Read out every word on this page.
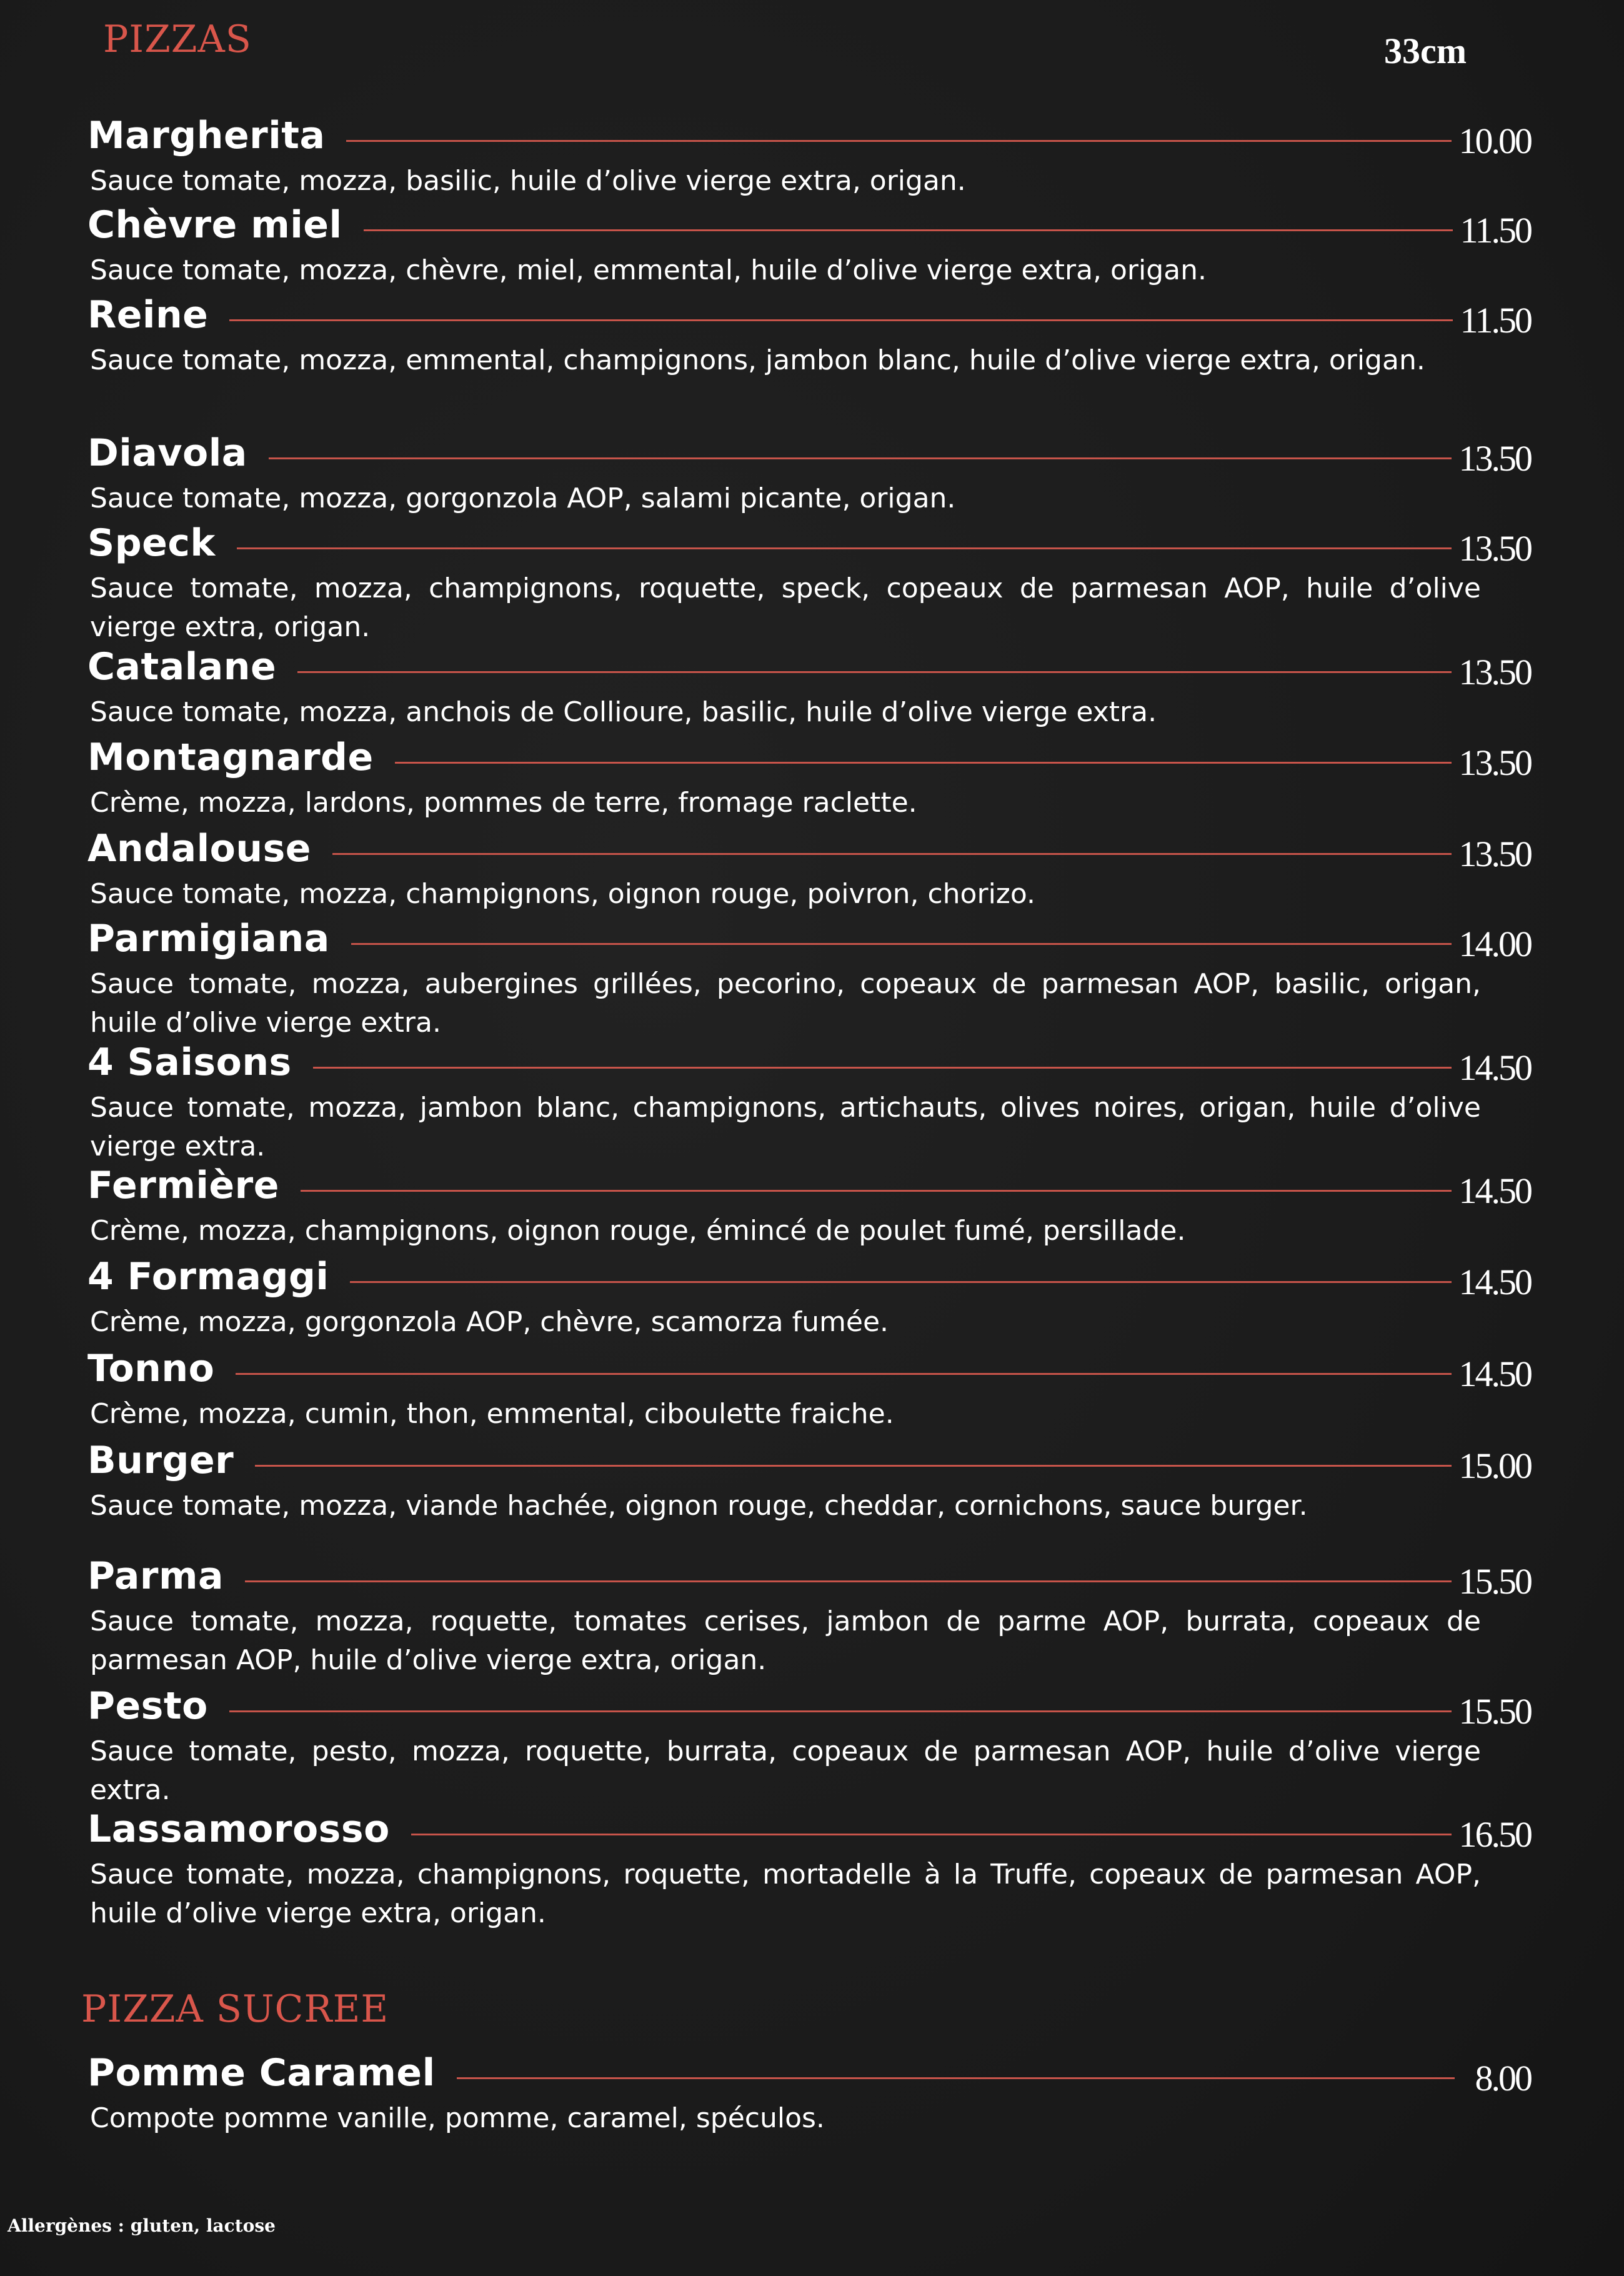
PIZZAS	33cm
Margherita	10.00
Sauce tomate, mozza, basilic, huile d’olive vierge extra, origan.
Chèvre miel	11.50
Sauce tomate, mozza, chèvre, miel, emmental, huile d’olive vierge extra, origan.
Reine	11.50
Sauce tomate, mozza, emmental, champignons, jambon blanc, huile d’olive vierge extra, origan.
Diavola	13.50
Sauce tomate, mozza, gorgonzola AOP, salami picante, origan.
Speck	13.50
Sauce tomate, mozza, champignons, roquette, speck, copeaux de parmesan AOP, huile d’olive vierge extra, origan.
Catalane	13.50
Sauce tomate, mozza, anchois de Collioure, basilic, huile d’olive vierge extra.
Montagnarde	13.50
Crème, mozza, lardons, pommes de terre, fromage raclette.
Andalouse	13.50
Sauce tomate, mozza, champignons, oignon rouge, poivron, chorizo.
Parmigiana	14.00
Sauce tomate, mozza, aubergines grillées, pecorino, copeaux de parmesan AOP, basilic, origan, huile d’olive vierge extra.
4 Saisons	14.50
Sauce tomate, mozza, jambon blanc, champignons, artichauts, olives noires, origan, huile d’olive vierge extra.
Fermière	14.50
Crème, mozza, champignons, oignon rouge, émincé de poulet fumé, persillade.
4 Formaggi	14.50
Crème, mozza, gorgonzola AOP, chèvre, scamorza fumée.
Tonno	14.50
Crème, mozza, cumin, thon, emmental, ciboulette fraiche.
Burger	15.00
Sauce tomate, mozza, viande hachée, oignon rouge, cheddar, cornichons, sauce burger.
Parma	15.50
Sauce tomate, mozza, roquette, tomates cerises, jambon de parme AOP, burrata, copeaux de parmesan AOP, huile d’olive vierge extra, origan.
Pesto	15.50
Sauce tomate, pesto, mozza, roquette, burrata, copeaux de parmesan AOP, huile d’olive vierge extra.
Lassamorosso	16.50
Sauce tomate, mozza, champignons, roquette, mortadelle à la Truffe, copeaux de parmesan AOP, huile d’olive vierge extra, origan.
PIZZA SUCREE
Pomme Caramel	8.00
Compote pomme vanille, pomme, caramel, spéculos.
Allergènes : gluten, lactose
